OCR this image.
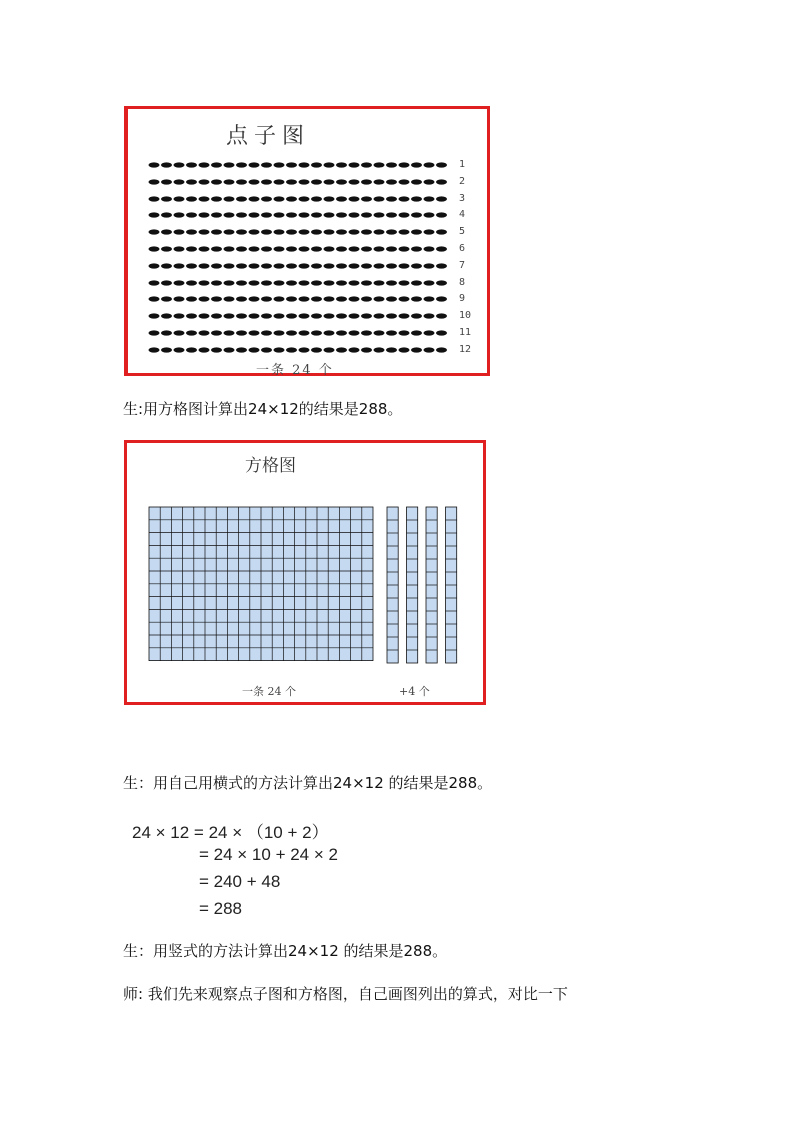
点子图
1
2
3
4
5
6
7
8
9
10
11
12
一条 24 个
生:用方格图计算出24×12的结果是288。
方格图
一条 24 个	+4 个
生：用自己用横式的方法计算出24×12 的结果是288。
24 × 12 = 24 × （10 + 2）
= 24 × 10 + 24 × 2
= 240 + 48
= 288
生：用竖式的方法计算出24×12 的结果是288。
师: 我们先来观察点子图和方格图，自己画图列出的算式，对比一下
